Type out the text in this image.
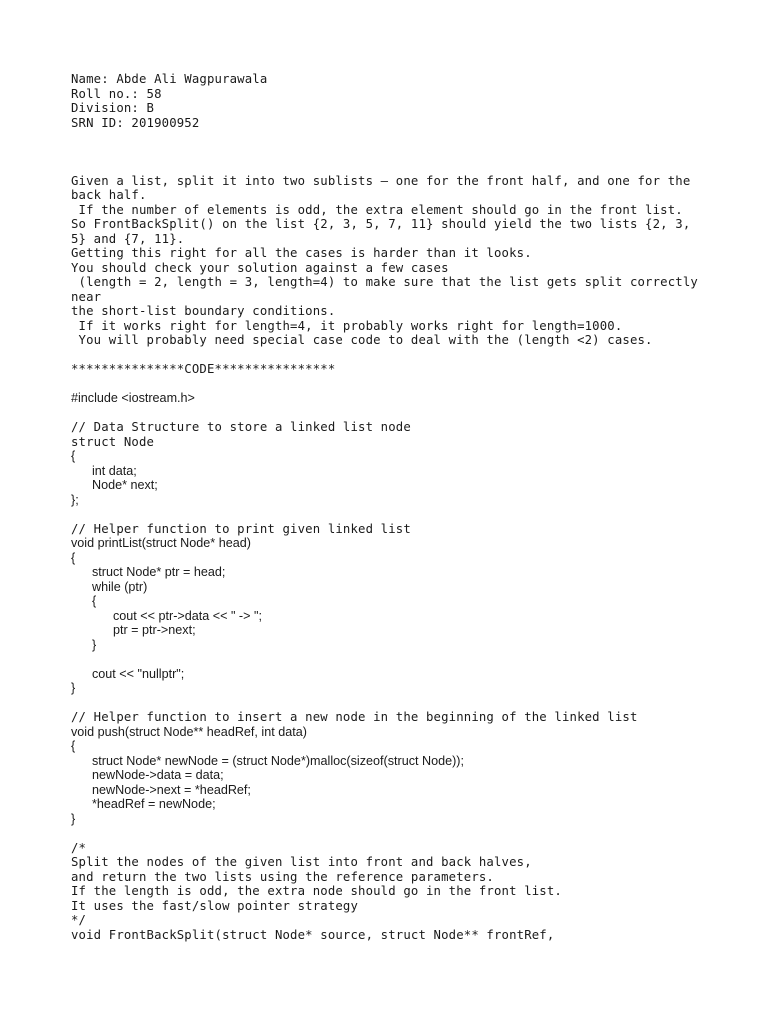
Name: Abde Ali Wagpurawala
Roll no.: 58
Division: B
SRN ID: 201900952
Given a list, split it into two sublists — one for the front half, and one for the
back half.
If the number of elements is odd, the extra element should go in the front list.
So FrontBackSplit() on the list {2, 3, 5, 7, 11} should yield the two lists {2, 3,
5} and {7, 11}.
Getting this right for all the cases is harder than it looks.
You should check your solution against a few cases
(length = 2, length = 3, length=4) to make sure that the list gets split correctly
near
the short-list boundary conditions.
If it works right for length=4, it probably works right for length=1000.
You will probably need special case code to deal with the (length <2) cases.
***************CODE****************
#include <iostream.h>
// Data Structure to store a linked list node
struct Node
{
int data;
Node* next;
};
// Helper function to print given linked list
void printList(struct Node* head)
{
struct Node* ptr = head;
while (ptr)
{
cout << ptr->data << " -> ";
ptr = ptr->next;
}
cout << "nullptr";
}
// Helper function to insert a new node in the beginning of the linked list
void push(struct Node** headRef, int data)
{
struct Node* newNode = (struct Node*)malloc(sizeof(struct Node));
newNode->data = data;
newNode->next = *headRef;
*headRef = newNode;
}
/*
Split the nodes of the given list into front and back halves,
and return the two lists using the reference parameters.
If the length is odd, the extra node should go in the front list.
It uses the fast/slow pointer strategy
*/
void FrontBackSplit(struct Node* source, struct Node** frontRef,
